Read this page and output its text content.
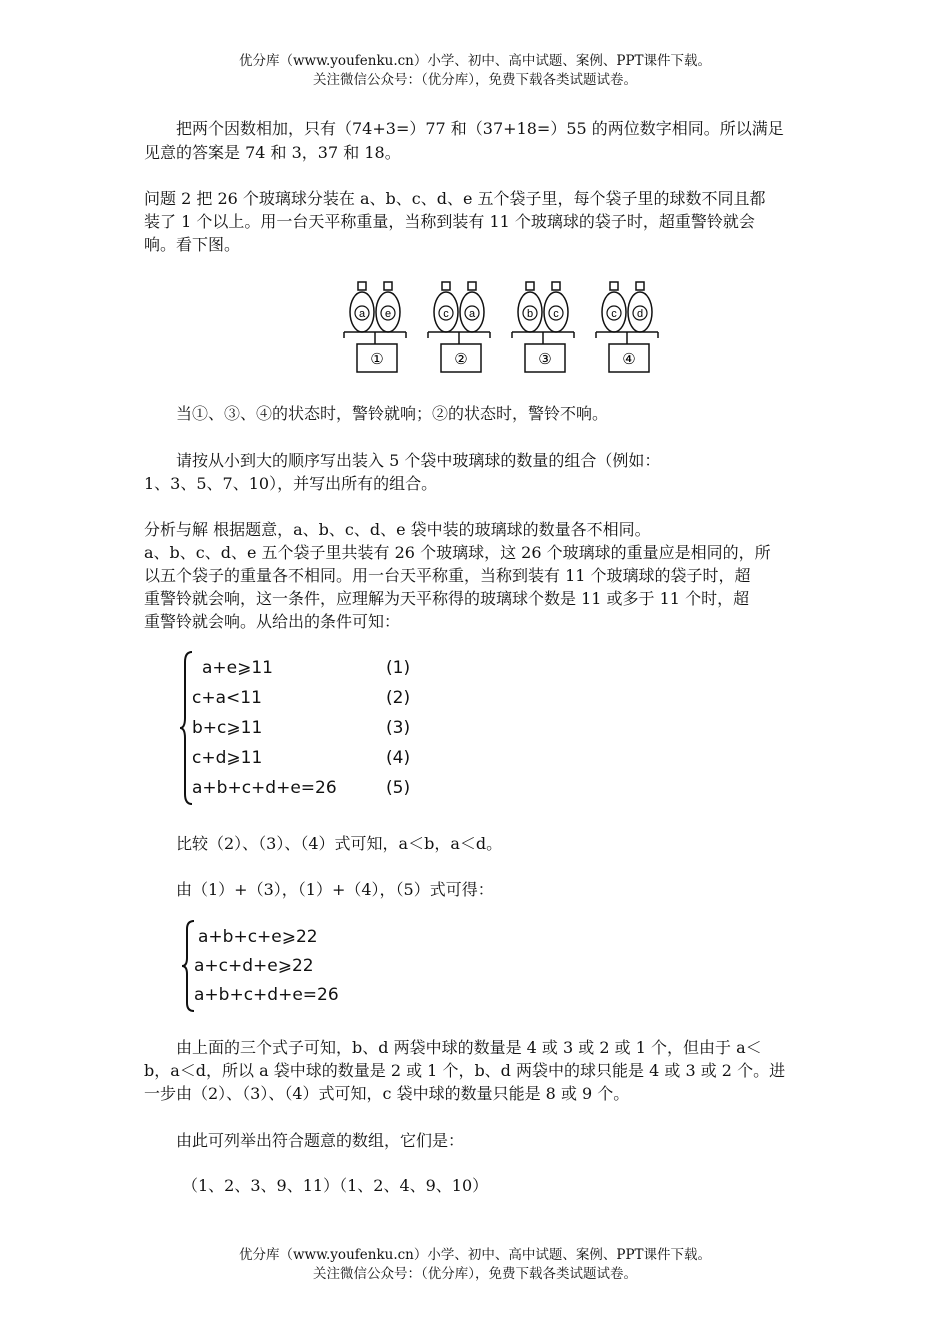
优分库（www.youfenku.cn）小学、初中、高中试题、案例、PPT课件下载。
关注微信公众号：（优分库），免费下载各类试题试卷。
把两个因数相加，只有（74+3=）77 和（37+18=）55 的两位数字相同。所以满足
见意的答案是 74 和 3，37 和 18。
问题 2 把 26 个玻璃球分装在 a、b、c、d、e 五个袋子里，每个袋子里的球数不同且都
装了 1 个以上。用一台天平称重量，当称到装有 11 个玻璃球的袋子时，超重警铃就会
响。看下图。
a e
①
c a
②
b c
③
c d
④
当①、③、④的状态时，警铃就响；②的状态时，警铃不响。
请按从小到大的顺序写出装入 5 个袋中玻璃球的数量的组合（例如：
1、3、5、7、10），并写出所有的组合。
分析与解 根据题意，a、b、c、d、e 袋中装的玻璃球的数量各不相同。
a、b、c、d、e 五个袋子里共装有 26 个玻璃球，这 26 个玻璃球的重量应是相同的，所
以五个袋子的重量各不相同。用一台天平称重，当称到装有 11 个玻璃球的袋子时，超
重警铃就会响，这一条件，应理解为天平称得的玻璃球个数是 11 或多于 11 个时，超
重警铃就会响。从给出的条件可知：
a+e⩾11	(1)
c+a<11	(2)
b+c⩾11	(3)
c+d⩾11	(4)
a+b+c+d+e=26	(5)
比较（2）、（3）、（4）式可知，a＜b，a＜d。
由（1）+（3），（1）+（4），（5）式可得：
a+b+c+e⩾22
a+c+d+e⩾22
a+b+c+d+e=26
由上面的三个式子可知，b、d 两袋中球的数量是 4 或 3 或 2 或 1 个，但由于 a＜
b，a＜d，所以 a 袋中球的数量是 2 或 1 个，b、d 两袋中的球只能是 4 或 3 或 2 个。进
一步由（2）、（3）、（4）式可知，c 袋中球的数量只能是 8 或 9 个。
由此可列举出符合题意的数组，它们是：
（1、2、3、9、11）（1、2、4、9、10）
优分库（www.youfenku.cn）小学、初中、高中试题、案例、PPT课件下载。
关注微信公众号：（优分库），免费下载各类试题试卷。
